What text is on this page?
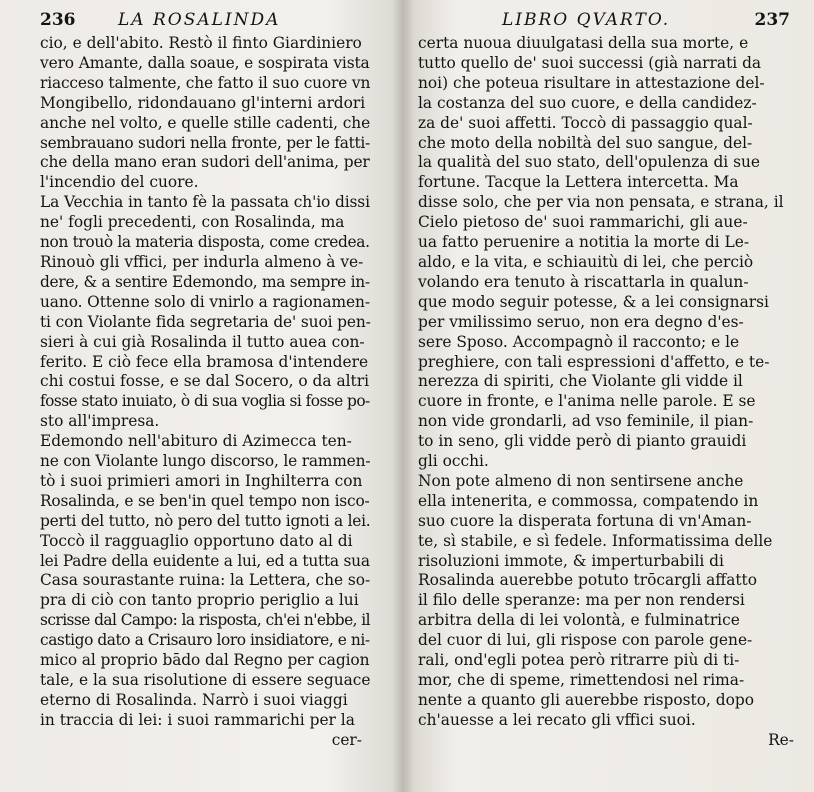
236	LA ROSALINDA
cio, e dell'abito. Restò il finto Giardiniero
vero Amante, dalla soaue, e sospirata vista
riacceso talmente, che fatto il suo cuore vn
Mongibello, ridondauano gl'interni ardori
anche nel volto, e quelle stille cadenti, che
sembrauano sudori nella fronte, per le fatti-
che della mano eran sudori dell'anima, per
l'incendio del cuore.
La Vecchia in tanto fè la passata ch'io dissi
ne' fogli precedenti, con Rosalinda, ma
non trouò la materia disposta, come credea.
Rinouò gli vffici, per indurla almeno à ve-
dere, & a sentire Edemondo, ma sempre in-
uano. Ottenne solo di vnirlo a ragionamen-
ti con Violante fida segretaria de' suoi pen-
sieri à cui già Rosalinda il tutto auea con-
ferito. E ciò fece ella bramosa d'intendere
chi costui fosse, e se dal Socero, o da altri
fosse stato inuiato, ò di sua voglia si fosse po-
sto all'impresa.
Edemondo nell'abituro di Azimecca ten-
ne con Violante lungo discorso, le rammen-
tò i suoi primieri amori in Inghilterra con
Rosalinda, e se ben'in quel tempo non isco-
perti del tutto, nò pero del tutto ignoti a lei.
Toccò il ragguaglio opportuno dato al di
lei Padre della euidente a lui, ed a tutta sua
Casa sourastante ruina: la Lettera, che so-
pra di ciò con tanto proprio periglio a lui
scrisse dal Campo: la risposta, ch'ei n'ebbe, il
castigo dato a Crisauro loro insidiatore, e ni-
mico al proprio bādo dal Regno per cagion
tale, e la sua risolutione di essere seguace
eterno di Rosalinda. Narrò i suoi viaggi
in traccia di lei: i suoi rammarichi per la
cer-
LIBRO QVARTO.	237
certa nuoua diuulgatasi della sua morte, e
tutto quello de' suoi successi (già narrati da
noi) che poteua risultare in attestazione del-
la costanza del suo cuore, e della candidez-
za de' suoi affetti. Toccò di passaggio qual-
che moto della nobiltà del suo sangue, del-
la qualità del suo stato, dell'opulenza di sue
fortune. Tacque la Lettera intercetta. Ma
disse solo, che per via non pensata, e strana, il
Cielo pietoso de' suoi rammarichi, gli aue-
ua fatto peruenire a notitia la morte di Le-
aldo, e la vita, e schiauitù di lei, che perciò
volando era tenuto à riscattarla in qualun-
que modo seguir potesse, & a lei consignarsi
per vmilissimo seruo, non era degno d'es-
sere Sposo. Accompagnò il racconto; e le
preghiere, con tali espressioni d'affetto, e te-
nerezza di spiriti, che Violante gli vidde il
cuore in fronte, e l'anima nelle parole. E se
non vide grondarli, ad vso feminile, il pian-
to in seno, gli vidde però di pianto grauidi
gli occhi.
Non pote almeno di non sentirsene anche
ella intenerita, e commossa, compatendo in
suo cuore la disperata fortuna di vn'Aman-
te, sì stabile, e sì fedele. Informatissima delle
risoluzioni immote, & imperturbabili di
Rosalinda auerebbe potuto trōcargli affatto
il filo delle speranze: ma per non rendersi
arbitra della di lei volontà, e fulminatrice
del cuor di lui, gli rispose con parole gene-
rali, ond'egli potea però ritrarre più di ti-
mor, che di speme, rimettendosi nel rima-
nente a quanto gli auerebbe risposto, dopo
ch'auesse a lei recato gli vffici suoi.
Re-
